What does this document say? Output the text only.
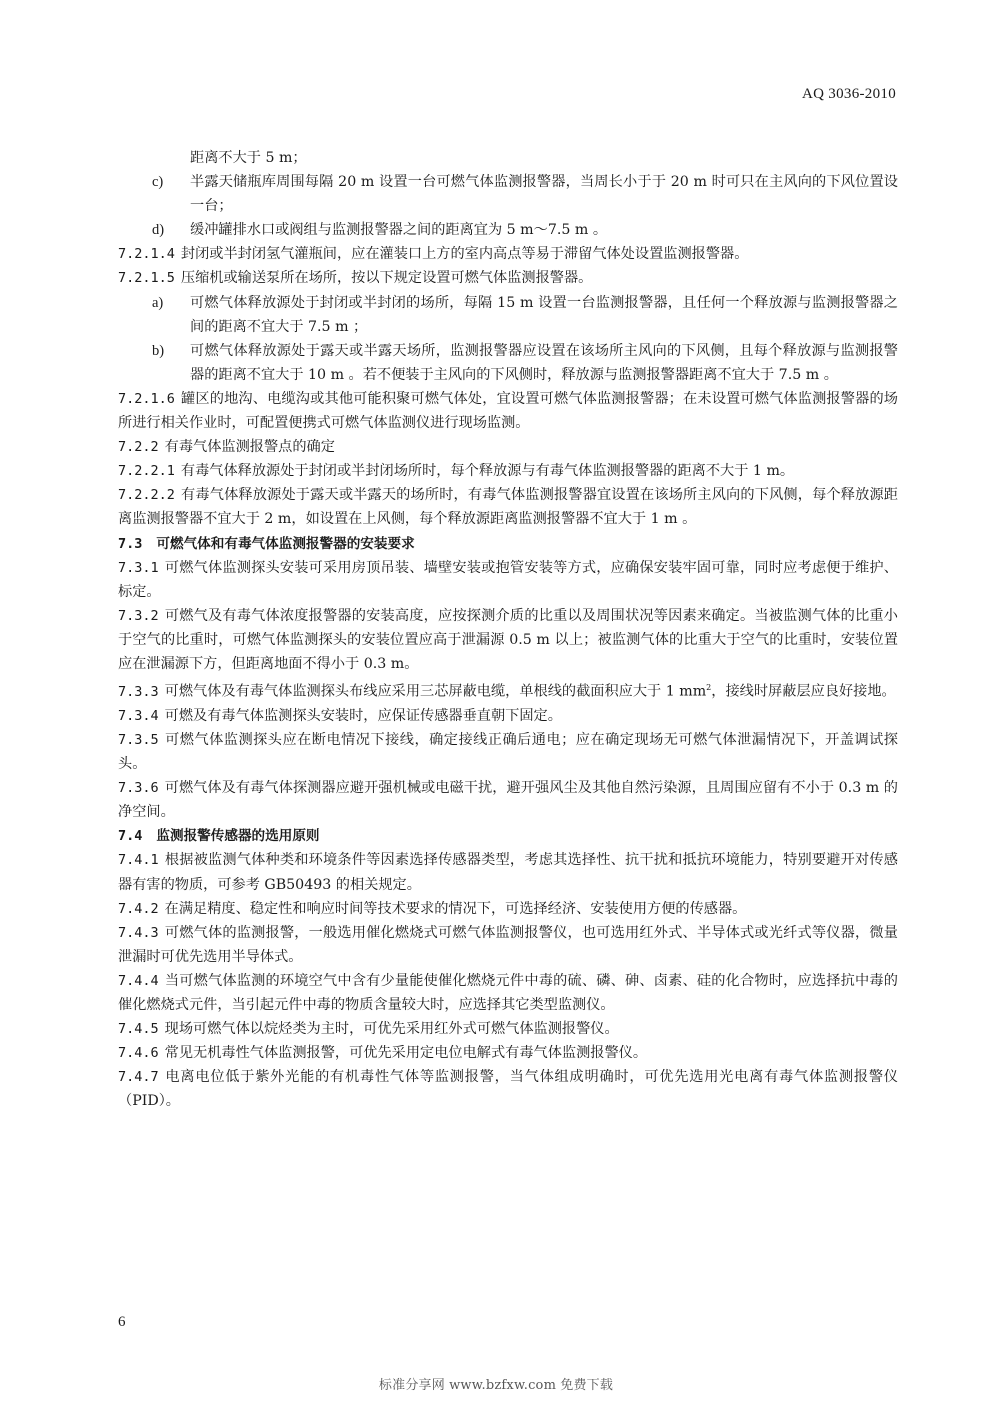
AQ 3036-2010

距离不大于 5 m；

c) 半露天储瓶库周围每隔 20 m 设置一台可燃气体监测报警器，当周长小于于 20 m 时可只在主风向的下风位置设一台；
d) 缓冲罐排水口或阀组与监测报警器之间的距离宜为 5 m～7.5 m 。

7.2.1.4 封闭或半封闭氢气灌瓶间，应在灌装口上方的室内高点等易于滞留气体处设置监测报警器。

7.2.1.5 压缩机或输送泵所在场所，按以下规定设置可燃气体监测报警器。

a) 可燃气体释放源处于封闭或半封闭的场所，每隔 15 m 设置一台监测报警器，且任何一个释放源与监测报警器之间的距离不宜大于 7.5 m ；
b) 可燃气体释放源处于露天或半露天场所，监测报警器应设置在该场所主风向的下风侧，且每个释放源与监测报警器的距离不宜大于 10 m 。若不便装于主风向的下风侧时，释放源与监测报警器距离不宜大于 7.5 m 。

7.2.1.6 罐区的地沟、电缆沟或其他可能积聚可燃气体处，宜设置可燃气体监测报警器；在未设置可燃气体监测报警器的场所进行相关作业时，可配置便携式可燃气体监测仪进行现场监测。

7.2.2 有毒气体监测报警点的确定

7.2.2.1 有毒气体释放源处于封闭或半封闭场所时，每个释放源与有毒气体监测报警器的距离不大于 1 m。

7.2.2.2 有毒气体释放源处于露天或半露天的场所时，有毒气体监测报警器宜设置在该场所主风向的下风侧，每个释放源距离监测报警器不宜大于 2 m，如设置在上风侧，每个释放源距离监测报警器不宜大于 1 m 。

7.3 可燃气体和有毒气体监测报警器的安装要求

7.3.1 可燃气体监测探头安装可采用房顶吊装、墙壁安装或抱管安装等方式，应确保安装牢固可靠，同时应考虑便于维护、标定。

7.3.2 可燃气及有毒气体浓度报警器的安装高度，应按探测介质的比重以及周围状况等因素来确定。当被监测气体的比重小于空气的比重时，可燃气体监测探头的安装位置应高于泄漏源 0.5 m 以上；被监测气体的比重大于空气的比重时，安装位置应在泄漏源下方，但距离地面不得小于 0.3 m。

7.3.3 可燃气体及有毒气体监测探头布线应采用三芯屏蔽电缆，单根线的截面积应大于 1 $mm^2$，接线时屏蔽层应良好接地。

7.3.4 可燃及有毒气体监测探头安装时，应保证传感器垂直朝下固定。

7.3.5 可燃气体监测探头应在断电情况下接线，确定接线正确后通电；应在确定现场无可燃气体泄漏情况下，开盖调试探头。

7.3.6 可燃气体及有毒气体探测器应避开强机械或电磁干扰，避开强风尘及其他自然污染源，且周围应留有不小于 0.3 m 的净空间。

7.4 监测报警传感器的选用原则

7.4.1 根据被监测气体种类和环境条件等因素选择传感器类型，考虑其选择性、抗干扰和抵抗环境能力，特别要避开对传感器有害的物质，可参考 GB50493 的相关规定。

7.4.2 在满足精度、稳定性和响应时间等技术要求的情况下，可选择经济、安装使用方便的传感器。

7.4.3 可燃气体的监测报警，一般选用催化燃烧式可燃气体监测报警仪，也可选用红外式、半导体式或光纤式等仪器，微量泄漏时可优先选用半导体式。

7.4.4 当可燃气体监测的环境空气中含有少量能使催化燃烧元件中毒的硫、磷、砷、卤素、硅的化合物时，应选择抗中毒的催化燃烧式元件，当引起元件中毒的物质含量较大时，应选择其它类型监测仪。

7.4.5 现场可燃气体以烷烃类为主时，可优先采用红外式可燃气体监测报警仪。

7.4.6 常见无机毒性气体监测报警，可优先采用定电位电解式有毒气体监测报警仪。

7.4.7 电离电位低于紫外光能的有机毒性气体等监测报警，当气体组成明确时，可优先选用光电离有毒气体监测报警仪（PID）。

6
标准分享网 www.bzfxw.com 免费下载
